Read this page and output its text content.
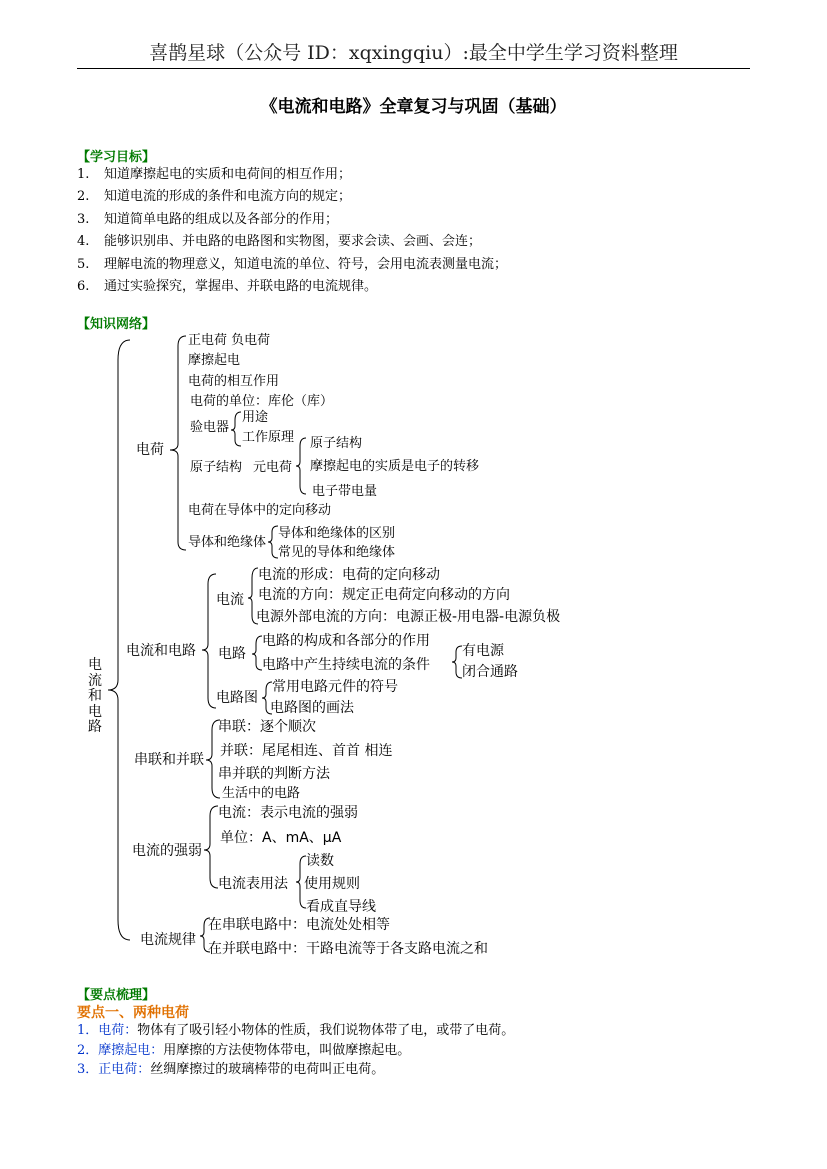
喜鹊星球（公众号 ID：xqxingqiu）:最全中学生学习资料整理
《电流和电路》全章复习与巩固（基础）
【学习目标】
1. 知道摩擦起电的实质和电荷间的相互作用；
2. 知道电流的形成的条件和电流方向的规定；
3. 知道简单电路的组成以及各部分的作用；
4. 能够识别串、并电路的电路图和实物图，要求会读、会画、会连；
5. 理解电流的物理意义，知道电流的单位、符号，会用电流表测量电流；
6. 通过实验探究，掌握串、并联电路的电流规律。
【知识网络】
电流和电路
电荷
正电荷 负电荷
摩擦起电
电荷的相互作用
电荷的单位：库伦（库）
验电器
用途
工作原理
原子结构 元电荷
原子结构
摩擦起电的实质是电子的转移
电子带电量
电荷在导体中的定向移动
导体和绝缘体
导体和绝缘体的区别
常见的导体和绝缘体
电流和电路
电流
电流的形成：电荷的定向移动
电流的方向：规定正电荷定向移动的方向
电源外部电流的方向：电源正极-用电器-电源负极
电路
电路的构成和各部分的作用
电路中产生持续电流的条件
有电源
闭合通路
电路图
常用电路元件的符号
电路图的画法
串联和并联
串联：逐个顺次
并联：尾尾相连、首首 相连
串并联的判断方法
生活中的电路
电流的强弱
电流：表示电流的强弱
单位：A、mA、μA
电流表用法
读数
使用规则
看成直导线
电流规律
在串联电路中：电流处处相等
在并联电路中：干路电流等于各支路电流之和
【要点梳理】
要点一、两种电荷
1．电荷：物体有了吸引轻小物体的性质，我们说物体带了电，或带了电荷。
2．摩擦起电：用摩擦的方法使物体带电，叫做摩擦起电。
3．正电荷：丝绸摩擦过的玻璃棒带的电荷叫正电荷。
